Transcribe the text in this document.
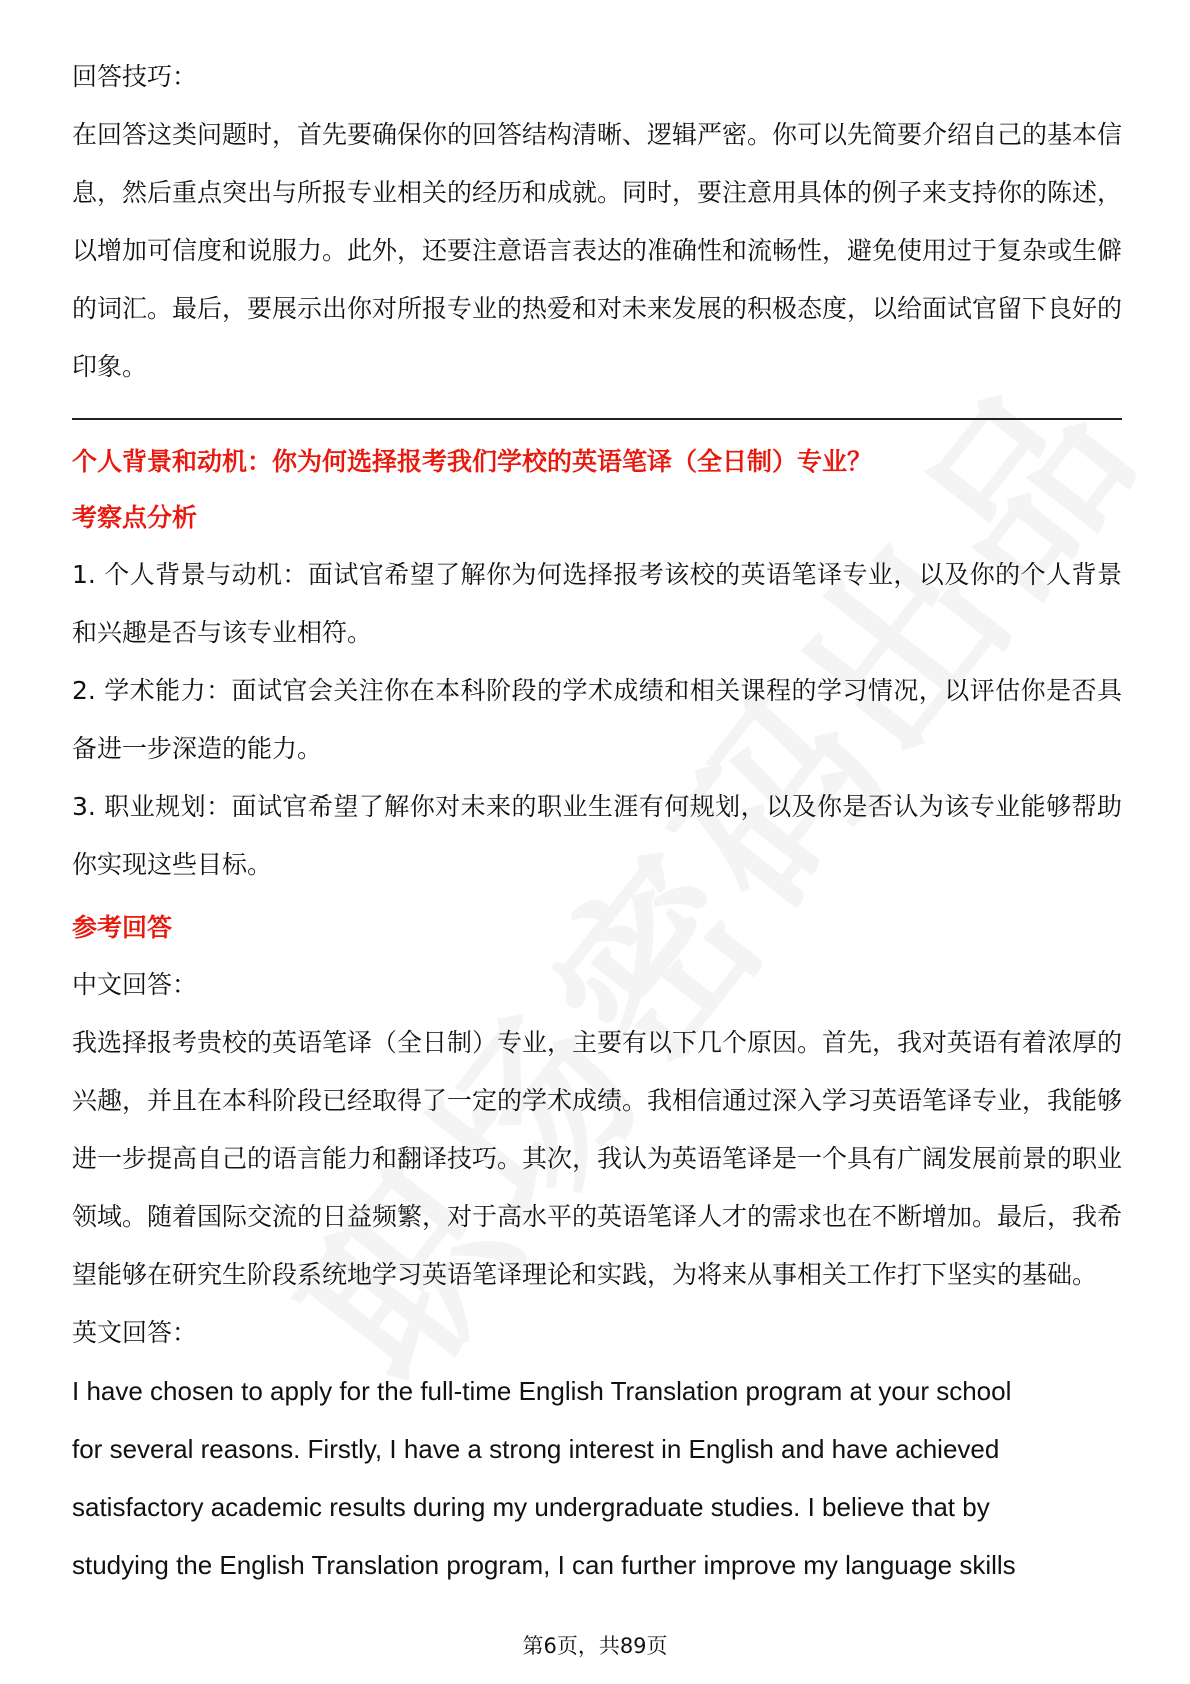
回答技巧：

在回答这类问题时，首先要确保你的回答结构清晰、逻辑严密。你可以先简要介绍自己的基本信息，然后重点突出与所报专业相关的经历和成就。同时，要注意用具体的例子来支持你的陈述，以增加可信度和说服力。此外，还要注意语言表达的准确性和流畅性，避免使用过于复杂或生僻的词汇。最后，要展示出你对所报专业的热爱和对未来发展的积极态度，以给面试官留下良好的印象。

个人背景和动机：你为何选择报考我们学校的英语笔译（全日制）专业？

考察点分析

1. 个人背景与动机：面试官希望了解你为何选择报考该校的英语笔译专业，以及你的个人背景和兴趣是否与该专业相符。

2. 学术能力：面试官会关注你在本科阶段的学术成绩和相关课程的学习情况，以评估你是否具备进一步深造的能力。

3. 职业规划：面试官希望了解你对未来的职业生涯有何规划，以及你是否认为该专业能够帮助你实现这些目标。

参考回答

中文回答：

我选择报考贵校的英语笔译（全日制）专业，主要有以下几个原因。首先，我对英语有着浓厚的兴趣，并且在本科阶段已经取得了一定的学术成绩。我相信通过深入学习英语笔译专业，我能够进一步提高自己的语言能力和翻译技巧。其次，我认为英语笔译是一个具有广阔发展前景的职业领域。随着国际交流的日益频繁，对于高水平的英语笔译人才的需求也在不断增加。最后，我希望能够在研究生阶段系统地学习英语笔译理论和实践，为将来从事相关工作打下坚实的基础。

英文回答：

I have chosen to apply for the full-time English Translation program at your school

for several reasons. Firstly, I have a strong interest in English and have achieved

satisfactory academic results during my undergraduate studies. I believe that by

studying the English Translation program, I can further improve my language skills

第6页，共89页
